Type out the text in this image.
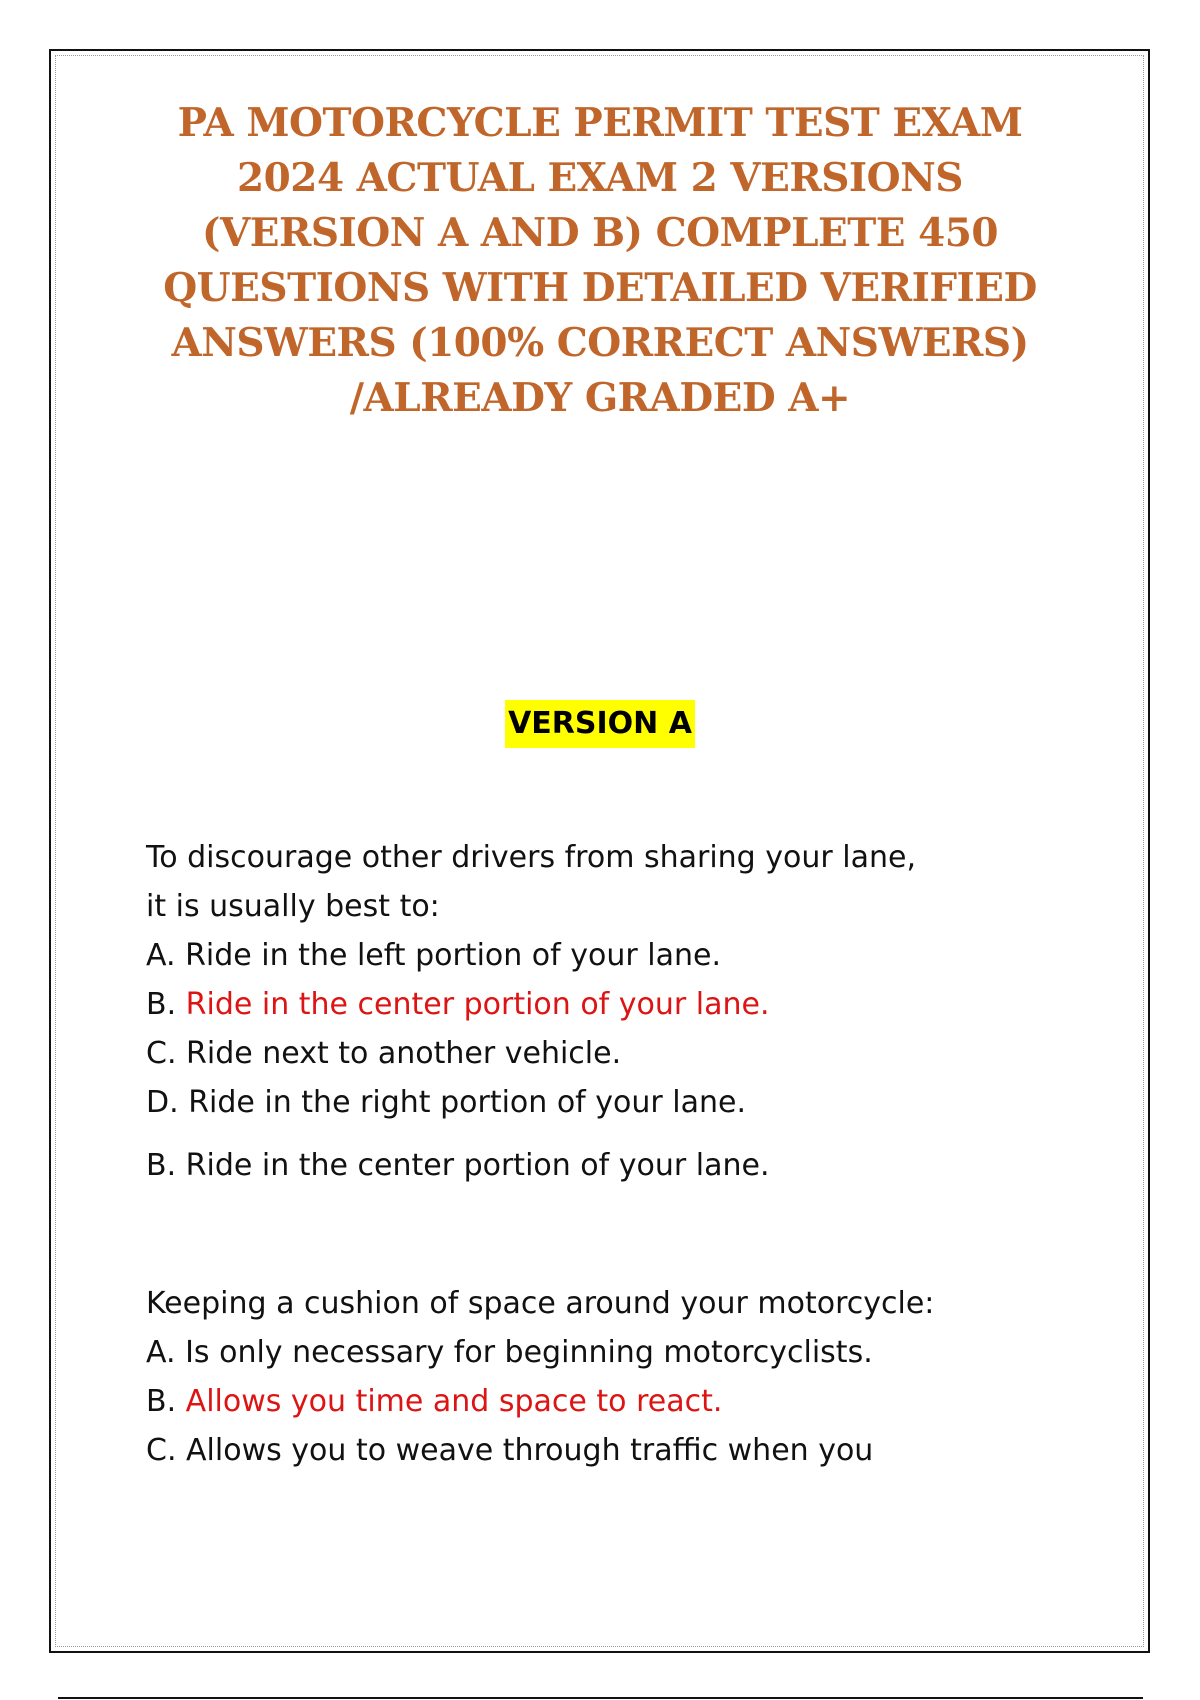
PA MOTORCYCLE PERMIT TEST EXAM
2024 ACTUAL EXAM 2 VERSIONS
(VERSION A AND B) COMPLETE 450
QUESTIONS WITH DETAILED VERIFIED
ANSWERS (100% CORRECT ANSWERS)
/ALREADY GRADED A+
VERSION A
To discourage other drivers from sharing your lane,
it is usually best to:
A. Ride in the left portion of your lane.
B. Ride in the center portion of your lane.
C. Ride next to another vehicle.
D. Ride in the right portion of your lane.
B. Ride in the center portion of your lane.
Keeping a cushion of space around your motorcycle:
A. Is only necessary for beginning motorcyclists.
B. Allows you time and space to react.
C. Allows you to weave through traffic when you
